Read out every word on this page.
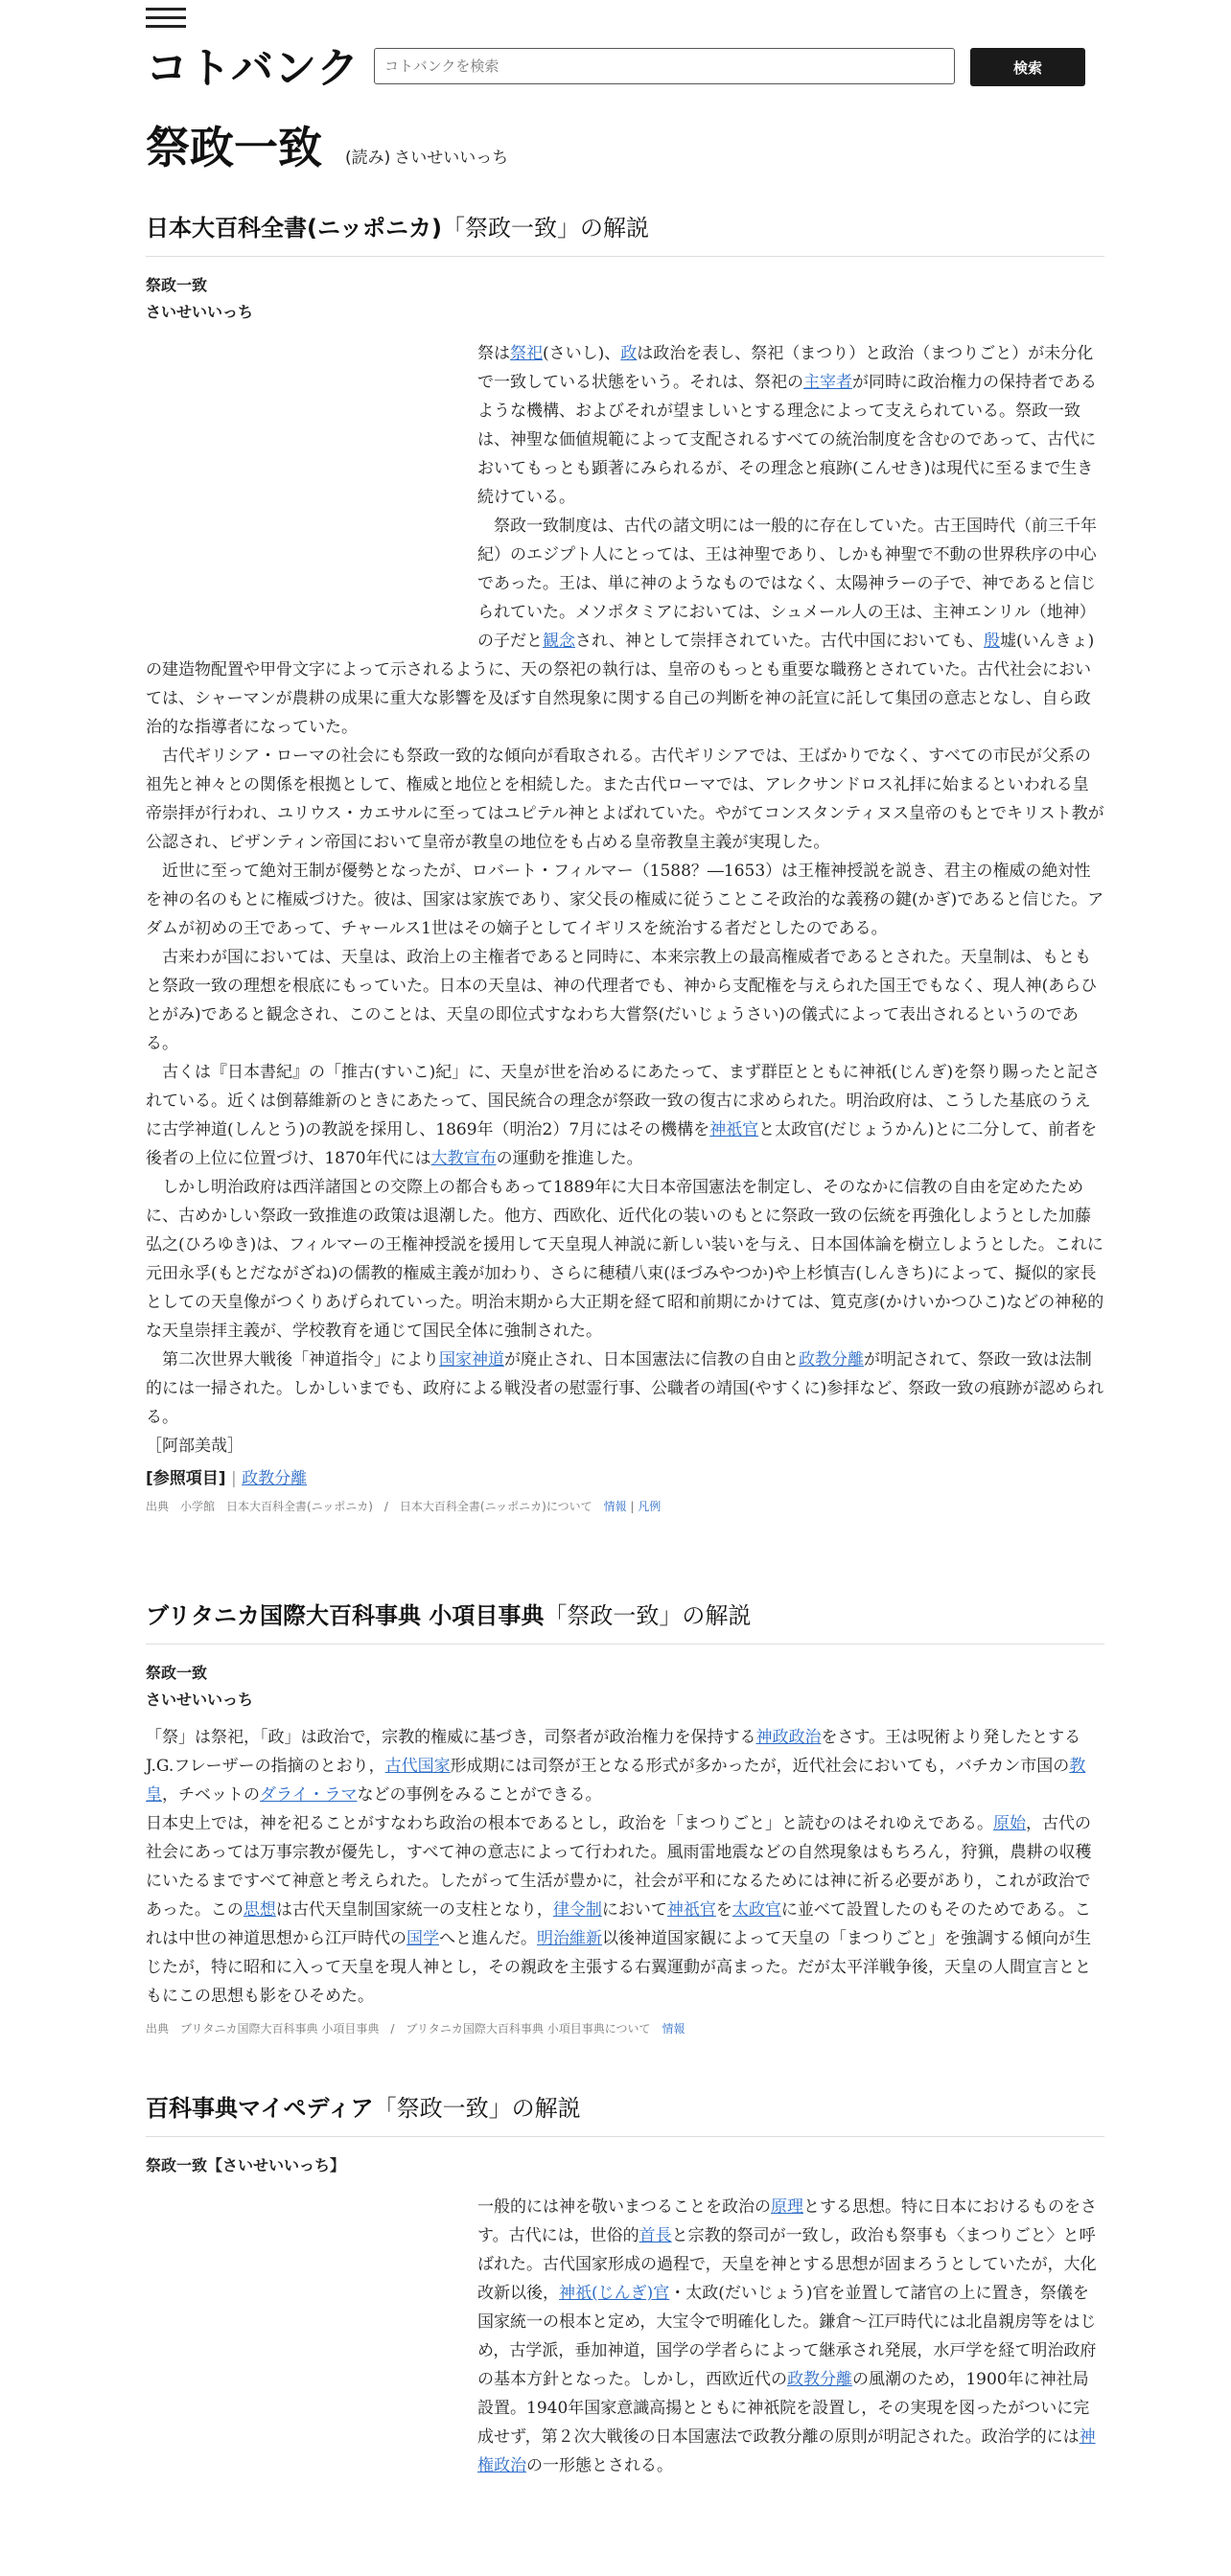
コトバンク
コトバンクを検索	検索
祭政一致 (読み) さいせいいっち
日本大百科全書(ニッポニカ)「祭政一致」の解説
祭政一致
さいせいいっち

祭は祭祀(さいし)、政は政治を表し、祭祀（まつり）と政治（まつりごと）が未分化で一致している状態をいう。それは、祭祀の主宰者が同時に政治権力の保持者であるような機構、およびそれが望ましいとする理念によって支えられている。祭政一致は、神聖な価値規範によって支配されるすべての統治制度を含むのであって、古代においてもっとも顕著にみられるが、その理念と痕跡(こんせき)は現代に至るまで生き続けている。

　祭政一致制度は、古代の諸文明には一般的に存在していた。古王国時代（前三千年紀）のエジプト人にとっては、王は神聖であり、しかも神聖で不動の世界秩序の中心であった。王は、単に神のようなものではなく、太陽神ラーの子で、神であると信じられていた。メソポタミアにおいては、シュメール人の王は、主神エンリル（地神）の子だと観念され、神として崇拝されていた。古代中国においても、殷墟(いんきょ)の建造物配置や甲骨文字によって示されるように、天の祭祀の執行は、皇帝のもっとも重要な職務とされていた。古代社会においては、シャーマンが農耕の成果に重大な影響を及ぼす自然現象に関する自己の判断を神の託宣に託して集団の意志となし、自ら政治的な指導者になっていた。

　古代ギリシア・ローマの社会にも祭政一致的な傾向が看取される。古代ギリシアでは、王ばかりでなく、すべての市民が父系の祖先と神々との関係を根拠として、権威と地位とを相続した。また古代ローマでは、アレクサンドロス礼拝に始まるといわれる皇帝崇拝が行われ、ユリウス・カエサルに至ってはユピテル神とよばれていた。やがてコンスタンティヌス皇帝のもとでキリスト教が公認され、ビザンティン帝国において皇帝が教皇の地位をも占める皇帝教皇主義が実現した。

　近世に至って絶対王制が優勢となったが、ロバート・フィルマー（1588？―1653）は王権神授説を説き、君主の権威の絶対性を神の名のもとに権威づけた。彼は、国家は家族であり、家父長の権威に従うことこそ政治的な義務の鍵(かぎ)であると信じた。アダムが初めの王であって、チャールス1世はその嫡子としてイギリスを統治する者だとしたのである。

　古来わが国においては、天皇は、政治上の主権者であると同時に、本来宗教上の最高権威者であるとされた。天皇制は、もともと祭政一致の理想を根底にもっていた。日本の天皇は、神の代理者でも、神から支配権を与えられた国王でもなく、現人神(あらひとがみ)であると観念され、このことは、天皇の即位式すなわち大嘗祭(だいじょうさい)の儀式によって表出されるというのである。

　古くは『日本書紀』の「推古(すいこ)紀」に、天皇が世を治めるにあたって、まず群臣とともに神祇(じんぎ)を祭り賜ったと記されている。近くは倒幕維新のときにあたって、国民統合の理念が祭政一致の復古に求められた。明治政府は、こうした基底のうえに古学神道(しんとう)の教説を採用し、1869年（明治2）7月にはその機構を神祇官と太政官(だじょうかん)とに二分して、前者を後者の上位に位置づけ、1870年代には大教宣布の運動を推進した。

　しかし明治政府は西洋諸国との交際上の都合もあって1889年に大日本帝国憲法を制定し、そのなかに信教の自由を定めたために、古めかしい祭政一致推進の政策は退潮した。他方、西欧化、近代化の装いのもとに祭政一致の伝統を再強化しようとした加藤弘之(ひろゆき)は、フィルマーの王権神授説を援用して天皇現人神説に新しい装いを与え、日本国体論を樹立しようとした。これに元田永孚(もとだながざね)の儒教的権威主義が加わり、さらに穂積八束(ほづみやつか)や上杉慎吉(しんきち)によって、擬似的家長としての天皇像がつくりあげられていった。明治末期から大正期を経て昭和前期にかけては、筧克彦(かけいかつひこ)などの神秘的な天皇崇拝主義が、学校教育を通じて国民全体に強制された。

　第二次世界大戦後「神道指令」により国家神道が廃止され、日本国憲法に信教の自由と政教分離が明記されて、祭政一致は法制的には一掃された。しかしいまでも、政府による戦没者の慰霊行事、公職者の靖国(やすくに)参拝など、祭政一致の痕跡が認められる。

［阿部美哉］

[参照項目] | 政教分離
出典　小学館　日本大百科全書(ニッポニカ)　/　日本大百科全書(ニッポニカ)について　 情報 | 凡例
ブリタニカ国際大百科事典 小項目事典「祭政一致」の解説
祭政一致
さいせいいっち

「祭」は祭祀，「政」は政治で，宗教的権威に基づき，司祭者が政治権力を保持する神政政治をさす。王は呪術より発したとする J.G.フレーザーの指摘のとおり，古代国家形成期には司祭が王となる形式が多かったが，近代社会においても，バチカン市国の教皇，チベットのダライ・ラマなどの事例をみることができる。

日本史上では，神を祀ることがすなわち政治の根本であるとし，政治を「まつりごと」と読むのはそれゆえである。原始，古代の社会にあっては万事宗教が優先し，すべて神の意志によって行われた。風雨雷地震などの自然現象はもちろん，狩猟，農耕の収穫にいたるまですべて神意と考えられた。したがって生活が豊かに，社会が平和になるためには神に祈る必要があり，これが政治であった。この思想は古代天皇制国家統一の支柱となり，律令制において神祇官を太政官に並べて設置したのもそのためである。これは中世の神道思想から江戸時代の国学へと進んだ。明治維新以後神道国家観によって天皇の「まつりごと」を強調する傾向が生じたが，特に昭和に入って天皇を現人神とし，その親政を主張する右翼運動が高まった。だが太平洋戦争後，天皇の人間宣言とともにこの思想も影をひそめた。

出典　ブリタニカ国際大百科事典 小項目事典　/　ブリタニカ国際大百科事典 小項目事典について　 情報
百科事典マイペディア「祭政一致」の解説
祭政一致【さいせいいっち】

一般的には神を敬いまつることを政治の原理とする思想。特に日本におけるものをさす。古代には，世俗的首長と宗教的祭司が一致し，政治も祭事も〈まつりごと〉と呼ばれた。古代国家形成の過程で，天皇を神とする思想が固まろうとしていたが，大化改新以後，神祇(じんぎ)官・太政(だいじょう)官を並置して諸官の上に置き，祭儀を国家統一の根本と定め，大宝令で明確化した。鎌倉〜江戸時代には北畠親房等をはじめ，古学派，垂加神道，国学の学者らによって継承され発展，水戸学を経て明治政府の基本方針となった。しかし，西欧近代の政教分離の風潮のため，1900年に神社局設置。1940年国家意識高揚とともに神祇院を設置し，その実現を図ったがついに完成せず，第２次大戦後の日本国憲法で政教分離の原則が明記された。政治学的には神権政治の一形態とされる。
